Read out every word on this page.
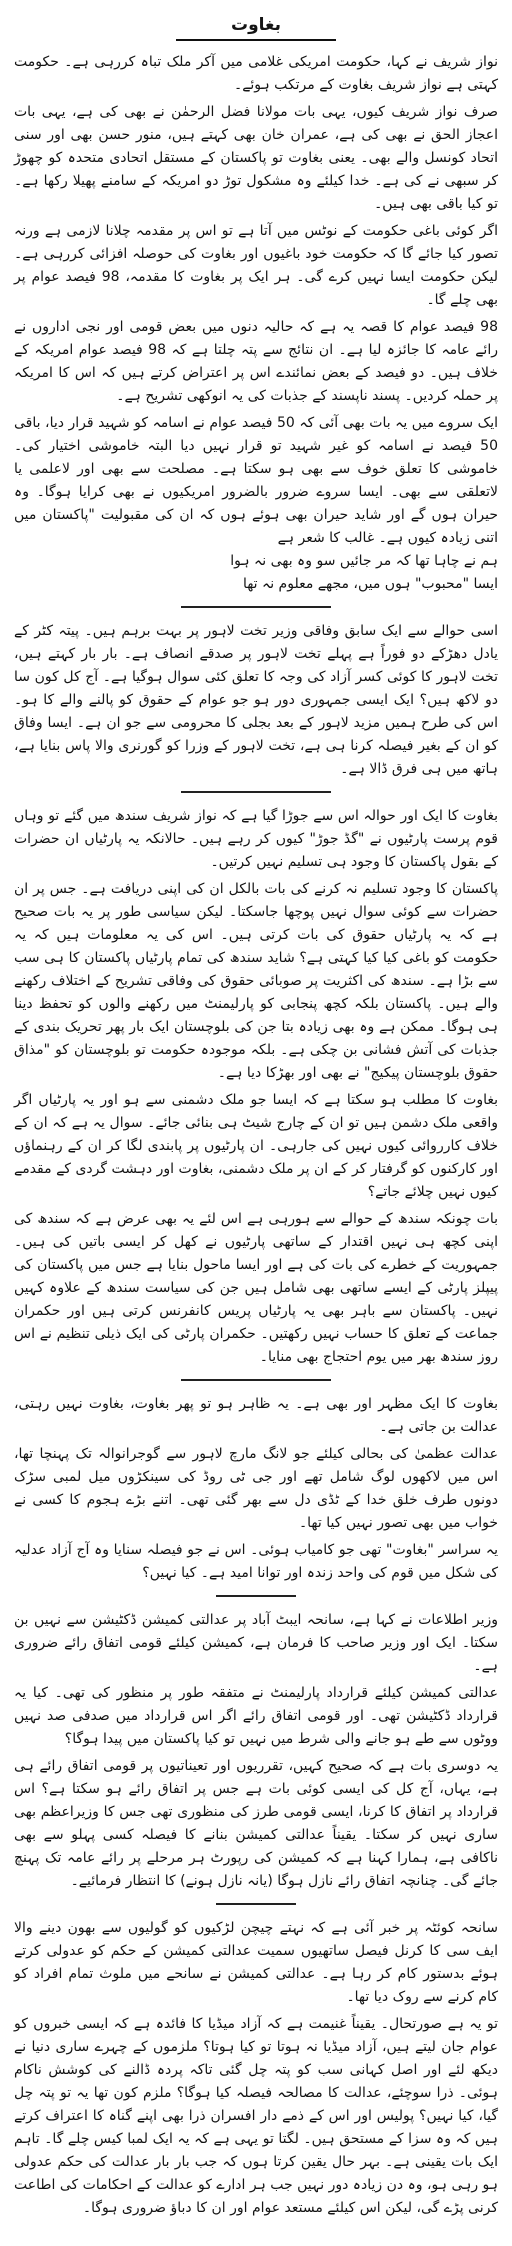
بغاوت

نواز شریف نے کہا، حکومت امریکی غلامی میں آکر ملک تباہ کررہی ہے۔ حکومت کہتی ہے نواز شریف بغاوت کے مرتکب ہوئے۔

صرف نواز شریف کیوں، یہی بات مولانا فضل الرحمٰن نے بھی کی ہے، یہی بات اعجاز الحق نے بھی کی ہے، عمران خان بھی کہتے ہیں، منور حسن بھی اور سنی اتحاد کونسل والے بھی۔ یعنی بغاوت تو پاکستان کے مستقل اتحادی متحدہ کو چھوڑ کر سبھی نے کی ہے۔ خدا کیلئے وہ مشکول توڑ دو امریکہ کے سامنے پھیلا رکھا ہے۔ تو کیا باقی بھی ہیں۔

اگر کوئی باغی حکومت کے نوٹس میں آتا ہے تو اس پر مقدمہ چلانا لازمی ہے ورنہ تصور کیا جائے گا کہ حکومت خود باغیوں اور بغاوت کی حوصلہ افزائی کررہی ہے۔ لیکن حکومت ایسا نہیں کرے گی۔ ہر ایک پر بغاوت کا مقدمہ، 98 فیصد عوام پر بھی چلے گا۔

98 فیصد عوام کا قصہ یہ ہے کہ حالیہ دنوں میں بعض قومی اور نجی اداروں نے رائے عامہ کا جائزہ لیا ہے۔ ان نتائج سے پتہ چلتا ہے کہ 98 فیصد عوام امریکہ کے خلاف ہیں۔ دو فیصد کے بعض نمائندے اس پر اعتراض کرتے ہیں کہ اس کا امریکہ پر حملہ کردیں۔ پسند ناپسند کے جذبات کی یہ انوکھی تشریح ہے۔

ایک سروے میں یہ بات بھی آئی کہ 50 فیصد عوام نے اسامہ کو شہید قرار دیا، باقی 50 فیصد نے اسامہ کو غیر شہید تو قرار نہیں دیا البتہ خاموشی اختیار کی۔ خاموشی کا تعلق خوف سے بھی ہو سکتا ہے۔ مصلحت سے بھی اور لاعلمی یا لاتعلقی سے بھی۔ ایسا سروے ضرور بالضرور امریکیوں نے بھی کرایا ہوگا۔ وہ حیران ہوں گے اور شاید حیران بھی ہوئے ہوں کہ ان کی مقبولیت "پاکستان میں اتنی زیادہ کیوں ہے۔ غالب کا شعر ہے
ہم نے چاہا تھا کہ مر جائیں سو وہ بھی نہ ہوا
ایسا "محبوب" ہوں میں، مجھے معلوم نہ تھا

اسی حوالے سے ایک سابق وفاقی وزیر تخت لاہور پر بہت برہم ہیں۔ پیتہ کٹر کے یادل دھڑکے دو فوراً ہے پہلے تخت لاہور پر صدقے انصاف ہے۔ بار بار کہتے ہیں، تخت لاہور کا کوئی کسر آزاد کی وجہ کا تعلق کئی سوال ہوگیا ہے۔ آج کل کون سا دو لاکھ ہیں؟ ایک ایسی جمہوری دور ہو جو عوام کے حقوق کو پالنے والے کا ہو۔ اس کی طرح ہمیں مزید لاہور کے بعد بجلی کا محرومی سے جو ان ہے۔ ایسا وفاق کو ان کے بغیر فیصلہ کرنا ہی ہے، تخت لاہور کے وزرا کو گورنری والا پاس بنایا ہے، ہاتھ میں ہی فرق ڈالا ہے۔

بغاوت کا ایک اور حوالہ اس سے جوڑا گیا ہے کہ نواز شریف سندھ میں گئے تو وہاں قوم پرست پارٹیوں نے "گڈ جوڑ" کیوں کر رہے ہیں۔ حالانکہ یہ پارٹیاں ان حضرات کے بقول پاکستان کا وجود ہی تسلیم نہیں کرتیں۔

پاکستان کا وجود تسلیم نہ کرنے کی بات بالکل ان کی اپنی دریافت ہے۔ جس پر ان حضرات سے کوئی سوال نہیں پوچھا جاسکتا۔ لیکن سیاسی طور پر یہ بات صحیح ہے کہ یہ پارٹیاں حقوق کی بات کرتی ہیں۔ اس کی یہ معلومات ہیں کہ یہ حکومت کو باغی کیا کیا کہتی ہے؟ شاید سندھ کی تمام پارٹیاں پاکستان کا ہی سب سے بڑا ہے۔ سندھ کی اکثریت پر صوبائی حقوق کی وفاقی تشریح کے اختلاف رکھنے والے ہیں۔ پاکستان بلکہ کچھ پنجابی کو پارلیمنٹ میں رکھنے والوں کو تحفظ دینا ہی ہوگا۔ ممکن ہے وہ بھی زیادہ بتا جن کی بلوچستان ایک بار پھر تحریک بندی کے جذبات کی آتش فشانی بن چکی ہے۔ بلکہ موجودہ حکومت تو بلوچستان کو "مذاق حقوق بلوچستان پیکیج" نے بھی اور بھڑکا دیا ہے۔

بغاوت کا مطلب ہو سکتا ہے کہ ایسا جو ملک دشمنی سے ہو اور یہ پارٹیاں اگر واقعی ملک دشمن ہیں تو ان کے چارج شیٹ ہی بنائی جائے۔ سوال یہ ہے کہ ان کے خلاف کارروائی کیوں نہیں کی جارہی۔ ان پارٹیوں پر پابندی لگا کر ان کے رہنماؤں اور کارکنوں کو گرفتار کر کے ان پر ملک دشمنی، بغاوت اور دہشت گردی کے مقدمے کیوں نہیں چلائے جاتے؟

بات چونکہ سندھ کے حوالے سے ہورہی ہے اس لئے یہ بھی عرض ہے کہ سندھ کی اپنی کچھ ہی نہیں اقتدار کے ساتھی پارٹیوں نے کھل کر ایسی باتیں کی ہیں۔ جمہوریت کے خطرے کی بات کی ہے اور ایسا ماحول بنایا ہے جس میں پاکستان کی پیپلز پارٹی کے ایسے ساتھی بھی شامل ہیں جن کی سیاست سندھ کے علاوہ کہیں نہیں۔ پاکستان سے باہر بھی یہ پارٹیاں پریس کانفرنس کرتی ہیں اور حکمران جماعت کے تعلق کا حساب نہیں رکھتیں۔ حکمران پارٹی کی ایک ذیلی تنظیم نے اس روز سندھ بھر میں یوم احتجاج بھی منایا۔

بغاوت کا ایک مظہر اور بھی ہے۔ یہ ظاہر ہو تو پھر بغاوت، بغاوت نہیں رہتی، عدالت بن جاتی ہے۔

عدالت عظمیٰ کی بحالی کیلئے جو لانگ مارچ لاہور سے گوجرانوالہ تک پہنچا تھا، اس میں لاکھوں لوگ شامل تھے اور جی ٹی روڈ کی سینکڑوں میل لمبی سڑک دونوں طرف خلق خدا کے ٹڈی دل سے بھر گئی تھی۔ اتنے بڑے ہجوم کا کسی نے خواب میں بھی تصور نہیں کیا تھا۔

یہ سراسر "بغاوت" تھی جو کامیاب ہوئی۔ اس نے جو فیصلہ سنایا وہ آج آزاد عدلیہ کی شکل میں قوم کی واحد زندہ اور توانا امید ہے۔ کیا نہیں؟

وزیر اطلاعات نے کہا ہے، سانحہ ایبٹ آباد پر عدالتی کمیشن ڈکٹیشن سے نہیں بن سکتا۔ ایک اور وزیر صاحب کا فرمان ہے، کمیشن کیلئے قومی اتفاق رائے ضروری ہے۔

عدالتی کمیشن کیلئے قرارداد پارلیمنٹ نے متفقہ طور پر منظور کی تھی۔ کیا یہ قرارداد ڈکٹیشن تھی۔ اور قومی اتفاق رائے اگر اس قرارداد میں صدفی صد نہیں ووٹوں سے طے ہو جانے والی شرط میں نہیں تو کیا پاکستان میں پیدا ہوگا؟

یہ دوسری بات ہے کہ صحیح کہیں، تقرریوں اور تعیناتیوں پر قومی اتفاق رائے ہی ہے، یہاں، آج کل کی ایسی کوئی بات ہے جس پر اتفاق رائے ہو سکتا ہے؟ اس قرارداد پر اتفاق کا کرنا، ایسی قومی طرز کی منظوری تھی جس کا وزیراعظم بھی ساری نہیں کر سکتا۔ یقیناً عدالتی کمیشن بنانے کا فیصلہ کسی پہلو سے بھی ناکافی ہے، ہمارا کہنا ہے کہ کمیشن کی رپورٹ ہر مرحلے پر رائے عامہ تک پہنچ جائے گی۔ چنانچہ اتفاق رائے نازل ہوگا (یانہ نازل ہونے) کا انتظار فرمائیے۔

سانحہ کوئٹہ پر خبر آئی ہے کہ نہتے چیچن لڑکیوں کو گولیوں سے بھون دینے والا ایف سی کا کرنل فیصل ساتھیوں سمیت عدالتی کمیشن کے حکم کو عدولی کرتے ہوئے بدستور کام کر رہا ہے۔ عدالتی کمیشن نے سانحے میں ملوث تمام افراد کو کام کرنے سے روک دیا تھا۔

تو یہ ہے صورتحال۔ یقیناً غنیمت ہے کہ آزاد میڈیا کا فائدہ ہے کہ ایسی خبروں کو عوام جان لیتے ہیں، آزاد میڈیا نہ ہوتا تو کیا ہوتا؟ ملزموں کے چہرے ساری دنیا نے دیکھ لئے اور اصل کہانی سب کو پتہ چل گئی تاکہ پردہ ڈالنے کی کوشش ناکام ہوئی۔ ذرا سوچئے، عدالت کا مصالحہ فیصلہ کیا ہوگا؟ ملزم کون تھا یہ تو پتہ چل گیا، کیا نہیں؟ پولیس اور اس کے ذمے دار افسران ذرا بھی اپنے گناہ کا اعتراف کرتے ہیں کہ وہ سزا کے مستحق ہیں۔ لگتا تو یہی ہے کہ یہ ایک لمبا کیس چلے گا۔ تاہم ایک بات یقینی ہے۔ بہر حال یقین کرتا ہوں کہ جب بار بار عدالت کی حکم عدولی ہو رہی ہو، وہ دن زیادہ دور نہیں جب ہر ادارے کو عدالت کے احکامات کی اطاعت کرنی پڑے گی، لیکن اس کیلئے مستعد عوام اور ان کا دباؤ ضروری ہوگا۔
